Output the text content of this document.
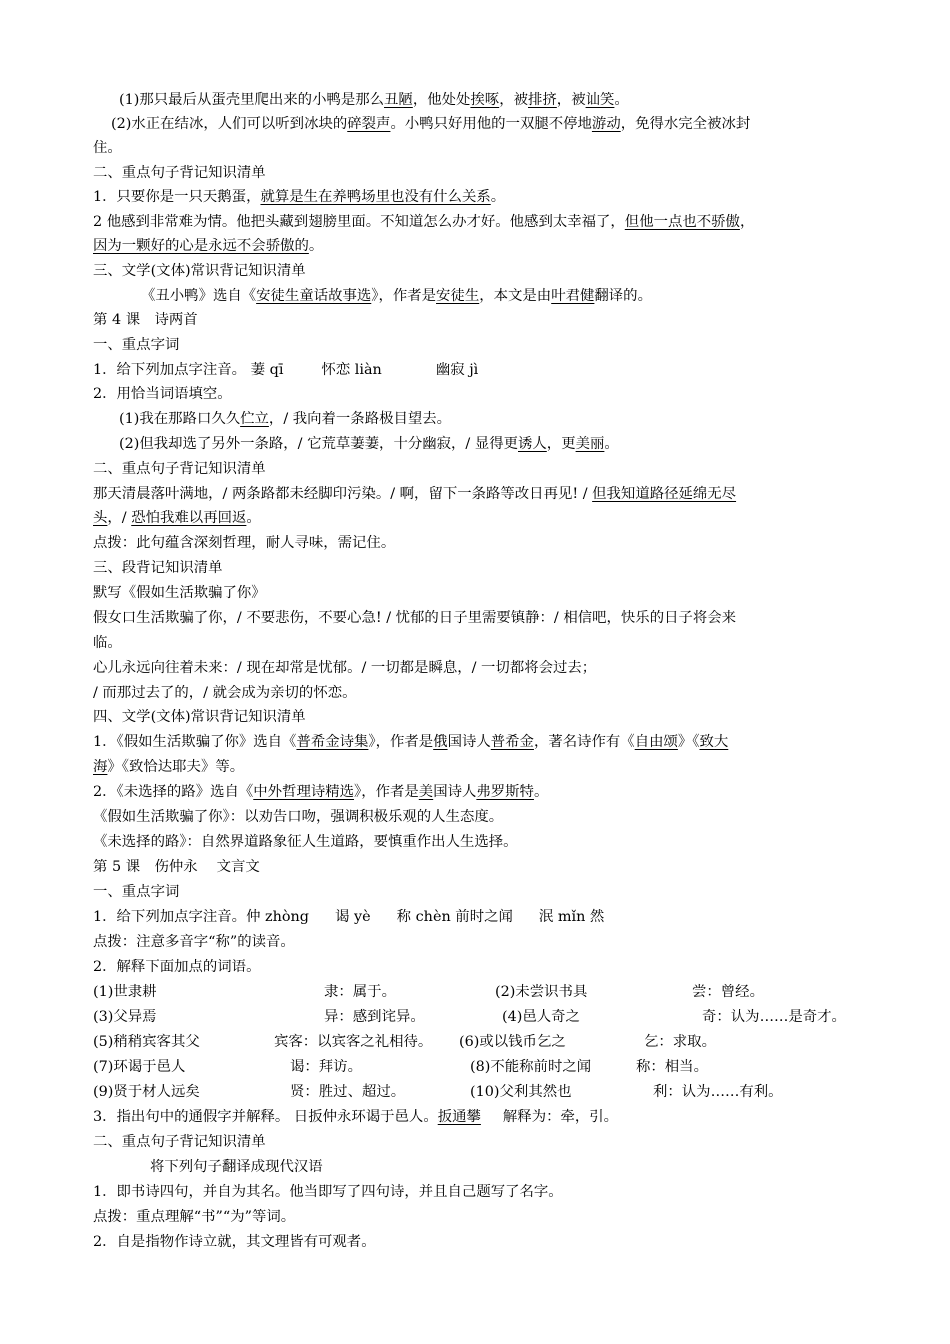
(1)那只最后从蛋壳里爬出来的小鸭是那么丑陋，他处处挨啄，被排挤，被讪笑。
(2)水正在结冰，人们可以听到冰块的碎裂声。小鸭只好用他的一双腿不停地游动，免得水完全被冰封
住。
二、重点句子背记知识清单
1．只要你是一只天鹅蛋，就算是生在养鸭场里也没有什么关系。
2 他感到非常难为情。他把头藏到翅膀里面。不知道怎么办才好。他感到太幸福了，但他一点也不骄傲，
因为一颗好的心是永远不会骄傲的。
三、文学(文体)常识背记知识清单
《丑小鸭》选自《安徒生童话故事选》，作者是安徒生，本文是由叶君健翻译的。
第 4 课　诗两首
一、重点字词
1．给下列加点字注音。 萋 qī	怀恋 liàn	幽寂 jì
2．用恰当词语填空。
(1)我在那路口久久伫立，/ 我向着一条路极目望去。
(2)但我却选了另外一条路，/ 它荒草萋萋，十分幽寂，/ 显得更诱人，更美丽。
二、重点句子背记知识清单
那天清晨落叶满地，/ 两条路都未经脚印污染。/ 啊，留下一条路等改日再见! / 但我知道路径延绵无尽
头，/ 恐怕我难以再回返。
点拨：此句蕴含深刻哲理，耐人寻味，需记住。
三、段背记知识清单
默写《假如生活欺骗了你》
假女口生活欺骗了你，/ 不要悲伤，不要心急! / 忧郁的日子里需要镇静：/ 相信吧，快乐的日子将会来
临。
心儿永远向往着未来：/ 现在却常是忧郁。/ 一切都是瞬息，/ 一切都将会过去；
/ 而那过去了的，/ 就会成为亲切的怀恋。
四、文学(文体)常识背记知识清单
1．《假如生活欺骗了你》选自《普希金诗集》，作者是俄国诗人普希金，著名诗作有《自由颂》《致大
海》《致恰达耶夫》等。
2．《未选择的路》选自《中外哲理诗精选》，作者是美国诗人弗罗斯特。
《假如生活欺骗了你》：以劝告口吻，强调积极乐观的人生态度。
《未选择的路》：自然界道路象征人生道路，要慎重作出人生选择。
第 5 课　伤仲永　 文言文
一、重点字词
1．给下列加点字注音。仲 zhòng 谒 yè 称 chèn 前时之闻 泯 mǐn 然
点拨：注意多音字“称”的读音。
2．解释下面加点的词语。
(1)世隶耕	隶：属于。	(2)未尝识书具	尝：曾经。
(3)父异焉	异：感到诧异。	(4)邑人奇之	奇：认为……是奇才。
(5)稍稍宾客其父	宾客：以宾客之礼相待。 (6)或以钱币乞之	乞：求取。
(7)环谒于邑人	谒：拜访。	(8)不能称前时之闻	称：相当。
(9)贤于材人远矣	贤：胜过、超过。	(10)父利其然也	利：认为……有利。
3．指出句中的通假字并解释。 日扳仲永环谒于邑人。扳通攀 解释为：牵，引。
二、重点句子背记知识清单
将下列句子翻译成现代汉语
1．即书诗四句，并自为其名。他当即写了四句诗，并且自己题写了名字。
点拨：重点理解“书”“为”等词。
2．自是指物作诗立就，其文理皆有可观者。
